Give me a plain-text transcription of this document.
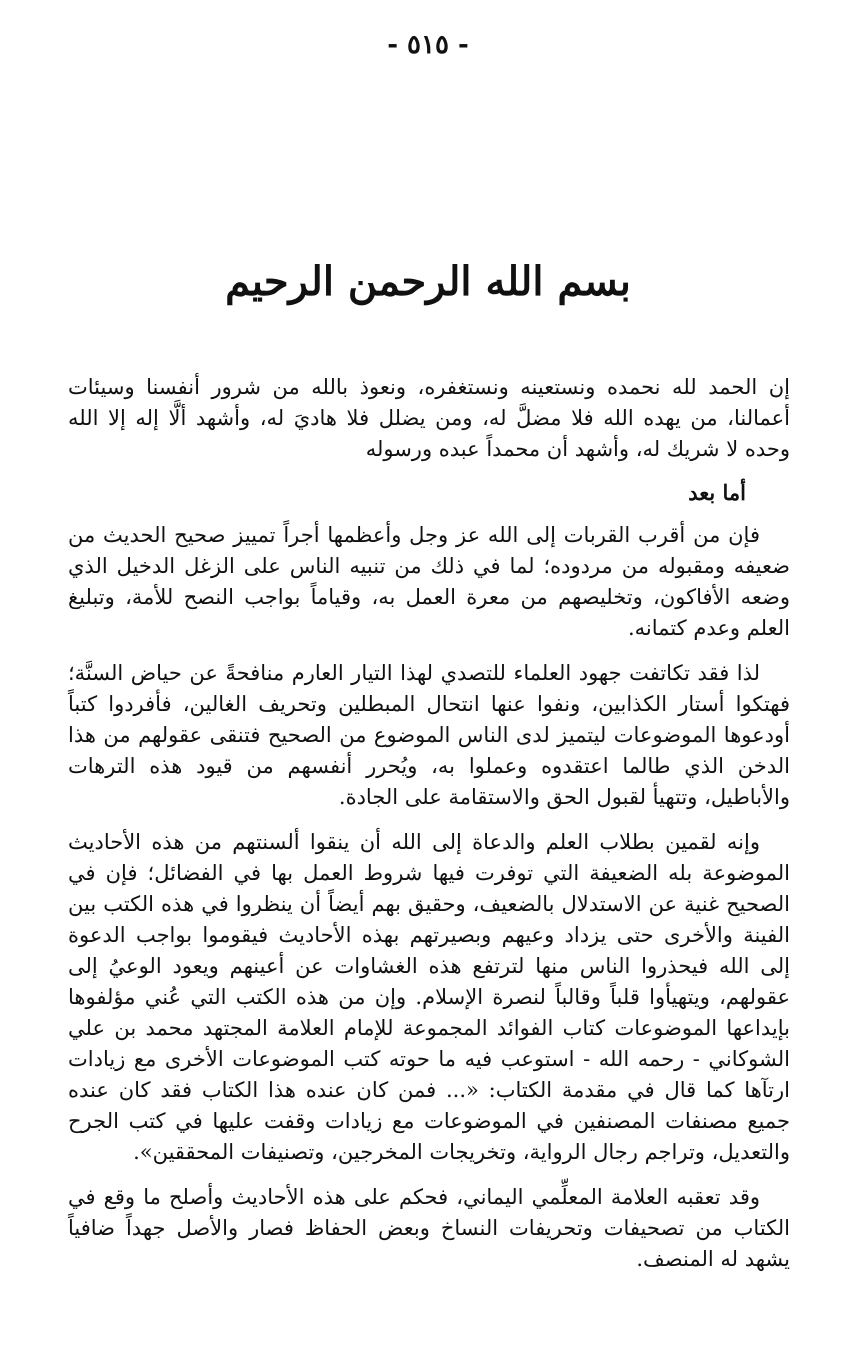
- ٥١٥ -
بسم الله الرحمن الرحيم

إن الحمد لله نحمده ونستعينه ونستغفره، ونعوذ بالله من شرور أنفسنا وسيئات أعمالنا، من يهده الله فلا مضلَّ له، ومن يضلل فلا هاديَ له، وأشهد ألَّا إله إلا الله وحده لا شريك له، وأشهد أن محمداً عبده ورسوله

أما بعد

فإن من أقرب القربات إلى الله عز وجل وأعظمها أجراً تمييز صحيح الحديث من ضعيفه ومقبوله من مردوده؛ لما في ذلك من تنبيه الناس على الزغل الدخيل الذي وضعه الأفاكون، وتخليصهم من معرة العمل به، وقياماً بواجب النصح للأمة، وتبليغ العلم وعدم كتمانه.

لذا فقد تكاتفت جهود العلماء للتصدي لهذا التيار العارم منافحةً عن حياض السنَّة؛ فهتكوا أستار الكذابين، ونفوا عنها انتحال المبطلين وتحريف الغالين، فأفردوا كتباً أودعوها الموضوعات ليتميز لدى الناس الموضوع من الصحيح فتنقى عقولهم من هذا الدخن الذي طالما اعتقدوه وعملوا به، ويُحرر أنفسهم من قيود هذه الترهات والأباطيل، وتتهيأ لقبول الحق والاستقامة على الجادة.

وإنه لقمين بطلاب العلم والدعاة إلى الله أن ينقوا ألسنتهم من هذه الأحاديث الموضوعة بله الضعيفة التي توفرت فيها شروط العمل بها في الفضائل؛ فإن في الصحيح غنية عن الاستدلال بالضعيف، وحقيق بهم أيضاً أن ينظروا في هذه الكتب بين الفينة والأخرى حتى يزداد وعيهم وبصيرتهم بهذه الأحاديث فيقوموا بواجب الدعوة إلى الله فيحذروا الناس منها لترتفع هذه الغشاوات عن أعينهم ويعود الوعيُ إلى عقولهم، ويتهيأوا قلباً وقالباً لنصرة الإسلام. وإن من هذه الكتب التي عُني مؤلفوها بإيداعها الموضوعات كتاب الفوائد المجموعة للإمام العلامة المجتهد محمد بن علي الشوكاني - رحمه الله - استوعب فيه ما حوته كتب الموضوعات الأخرى مع زيادات ارتآها كما قال في مقدمة الكتاب: «... فمن كان عنده هذا الكتاب فقد كان عنده جميع مصنفات المصنفين في الموضوعات مع زيادات وقفت عليها في كتب الجرح والتعديل، وتراجم رجال الرواية، وتخريجات المخرجين، وتصنيفات المحققين».

وقد تعقبه العلامة المعلِّمي اليماني، فحكم على هذه الأحاديث وأصلح ما وقع في الكتاب من تصحيفات وتحريفات النساخ وبعض الحفاظ فصار والأصل جهداً ضافياً يشهد له المنصف.
